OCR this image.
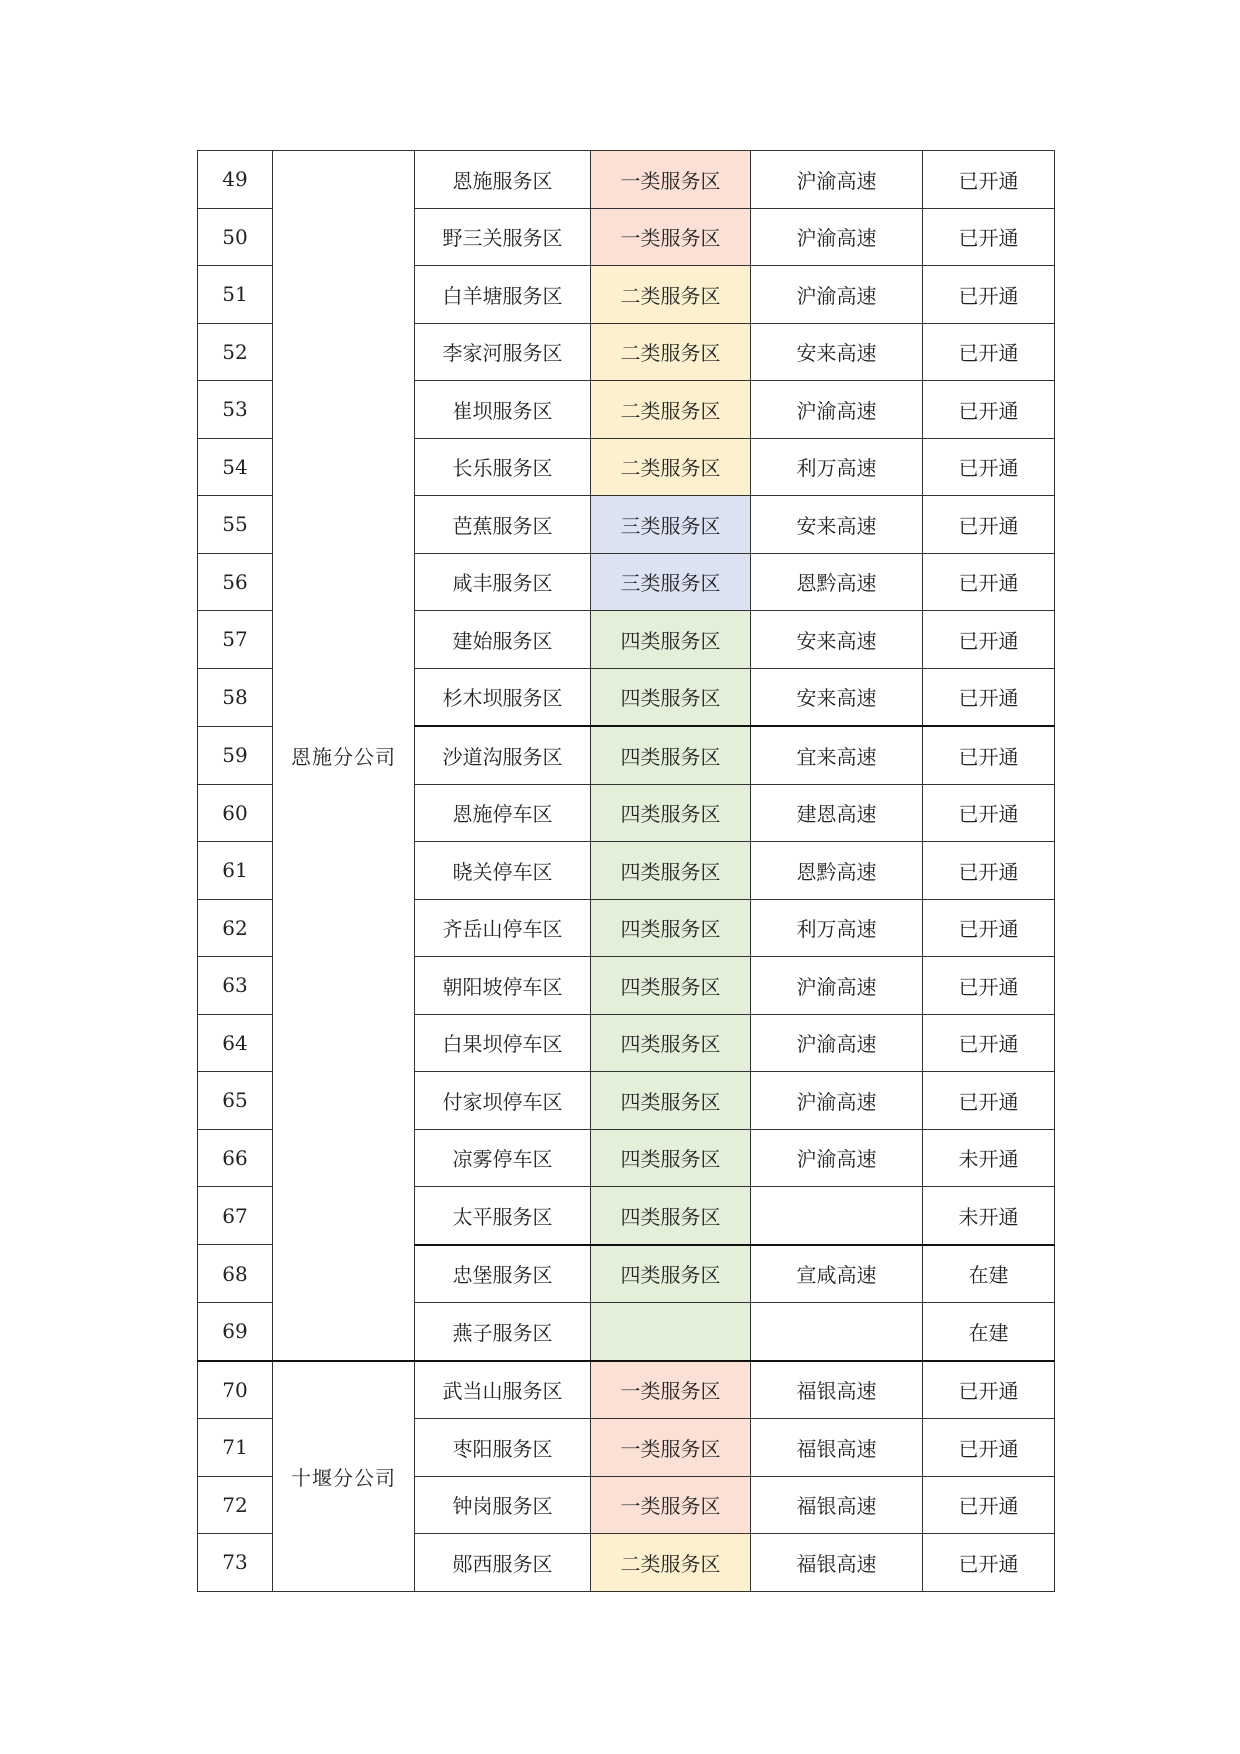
49	恩施分公司	恩施服务区	一类服务区	沪渝高速	已开通
50		野三关服务区	一类服务区	沪渝高速	已开通
51		白羊塘服务区	二类服务区	沪渝高速	已开通
52		李家河服务区	二类服务区	安来高速	已开通
53		崔坝服务区	二类服务区	沪渝高速	已开通
54		长乐服务区	二类服务区	利万高速	已开通
55		芭蕉服务区	三类服务区	安来高速	已开通
56		咸丰服务区	三类服务区	恩黔高速	已开通
57		建始服务区	四类服务区	安来高速	已开通
58		杉木坝服务区	四类服务区	安来高速	已开通
59		沙道沟服务区	四类服务区	宜来高速	已开通
60		恩施停车区	四类服务区	建恩高速	已开通
61		晓关停车区	四类服务区	恩黔高速	已开通
62		齐岳山停车区	四类服务区	利万高速	已开通
63		朝阳坡停车区	四类服务区	沪渝高速	已开通
64		白果坝停车区	四类服务区	沪渝高速	已开通
65		付家坝停车区	四类服务区	沪渝高速	已开通
66		凉雾停车区	四类服务区	沪渝高速	未开通
67		太平服务区	四类服务区		未开通
68		忠堡服务区	四类服务区	宣咸高速	在建
69		燕子服务区			在建
70	十堰分公司	武当山服务区	一类服务区	福银高速	已开通
71		枣阳服务区	一类服务区	福银高速	已开通
72		钟岗服务区	一类服务区	福银高速	已开通
73		郧西服务区	二类服务区	福银高速	已开通
